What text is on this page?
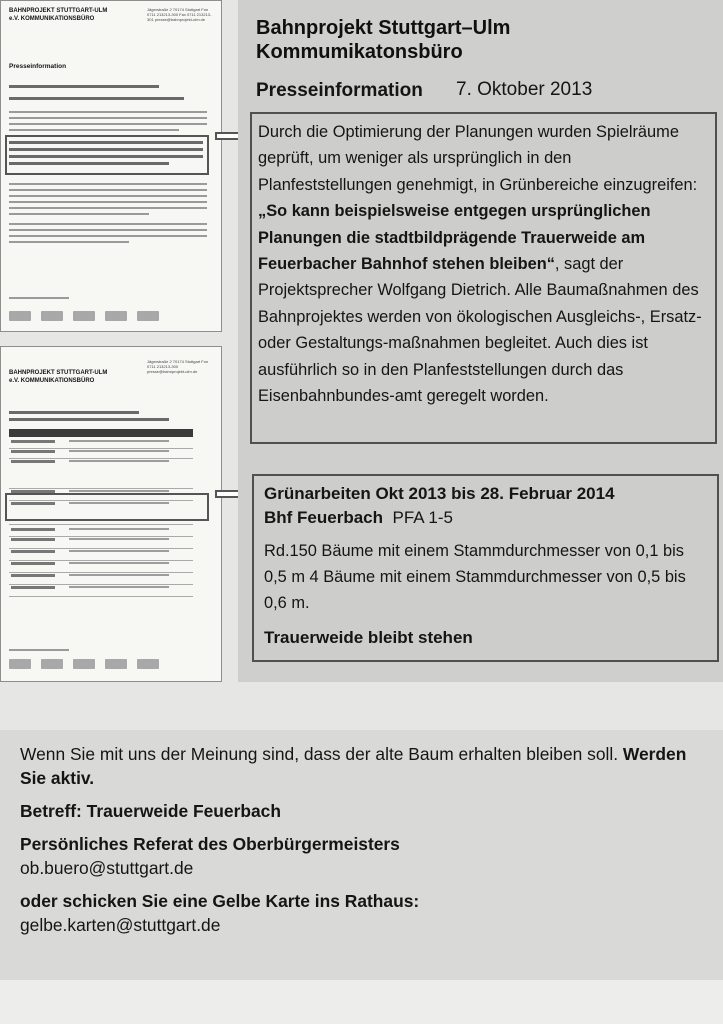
BAHNPROJEKT STUTTGART-ULM e.V. KOMMUNIKATIONSBÜRO
Jägerstraße 2 70174 Stuttgart Fon 0711 213213-300 Fax 0711 213213-301 presse@bahnprojekt-ulm.de
Presseinformation
BAHNPROJEKT STUTTGART-ULM e.V. KOMMUNIKATIONSBÜRO
Jägerstraße 2 70174 Stuttgart Fon 0711 213213-300 presse@bahnprojekt-ulm.de
Bahnprojekt Stuttgart–Ulm Kommumikatonsbüro
Presseinformation 7. Oktober 2013
Durch die Optimierung der Planungen wurden Spielräume geprüft, um weniger als ursprünglich in den Planfeststellungen genehmigt, in Grünbereiche einzugreifen: „So kann beispielsweise entgegen ursprünglichen Planungen die stadtbildprägende Trauerweide am Feuerbacher Bahnhof stehen bleiben“, sagt der Projektsprecher Wolfgang Dietrich. Alle Baumaßnahmen des Bahnprojektes werden von ökologischen Ausgleichs-, Ersatz- oder Gestaltungs-maßnahmen begleitet. Auch dies ist ausführlich so in den Planfeststellungen durch das Eisenbahnbundes-amt geregelt worden.
Grünarbeiten Okt 2013 bis 28. Februar 2014
Bhf Feuerbach PFA 1-5
Rd.150 Bäume mit einem Stammdurchmesser von 0,1 bis 0,5 m 4 Bäume mit einem Stammdurchmesser von 0,5 bis 0,6 m.
Trauerweide bleibt stehen

Wenn Sie mit uns der Meinung sind, dass der alte Baum erhalten bleiben soll. Werden Sie aktiv.

Betreff: Trauerweide Feuerbach

Persönliches Referat des Oberbürgermeisters

ob.buero@stuttgart.de

oder schicken Sie eine Gelbe Karte ins Rathaus:

gelbe.karten@stuttgart.de
